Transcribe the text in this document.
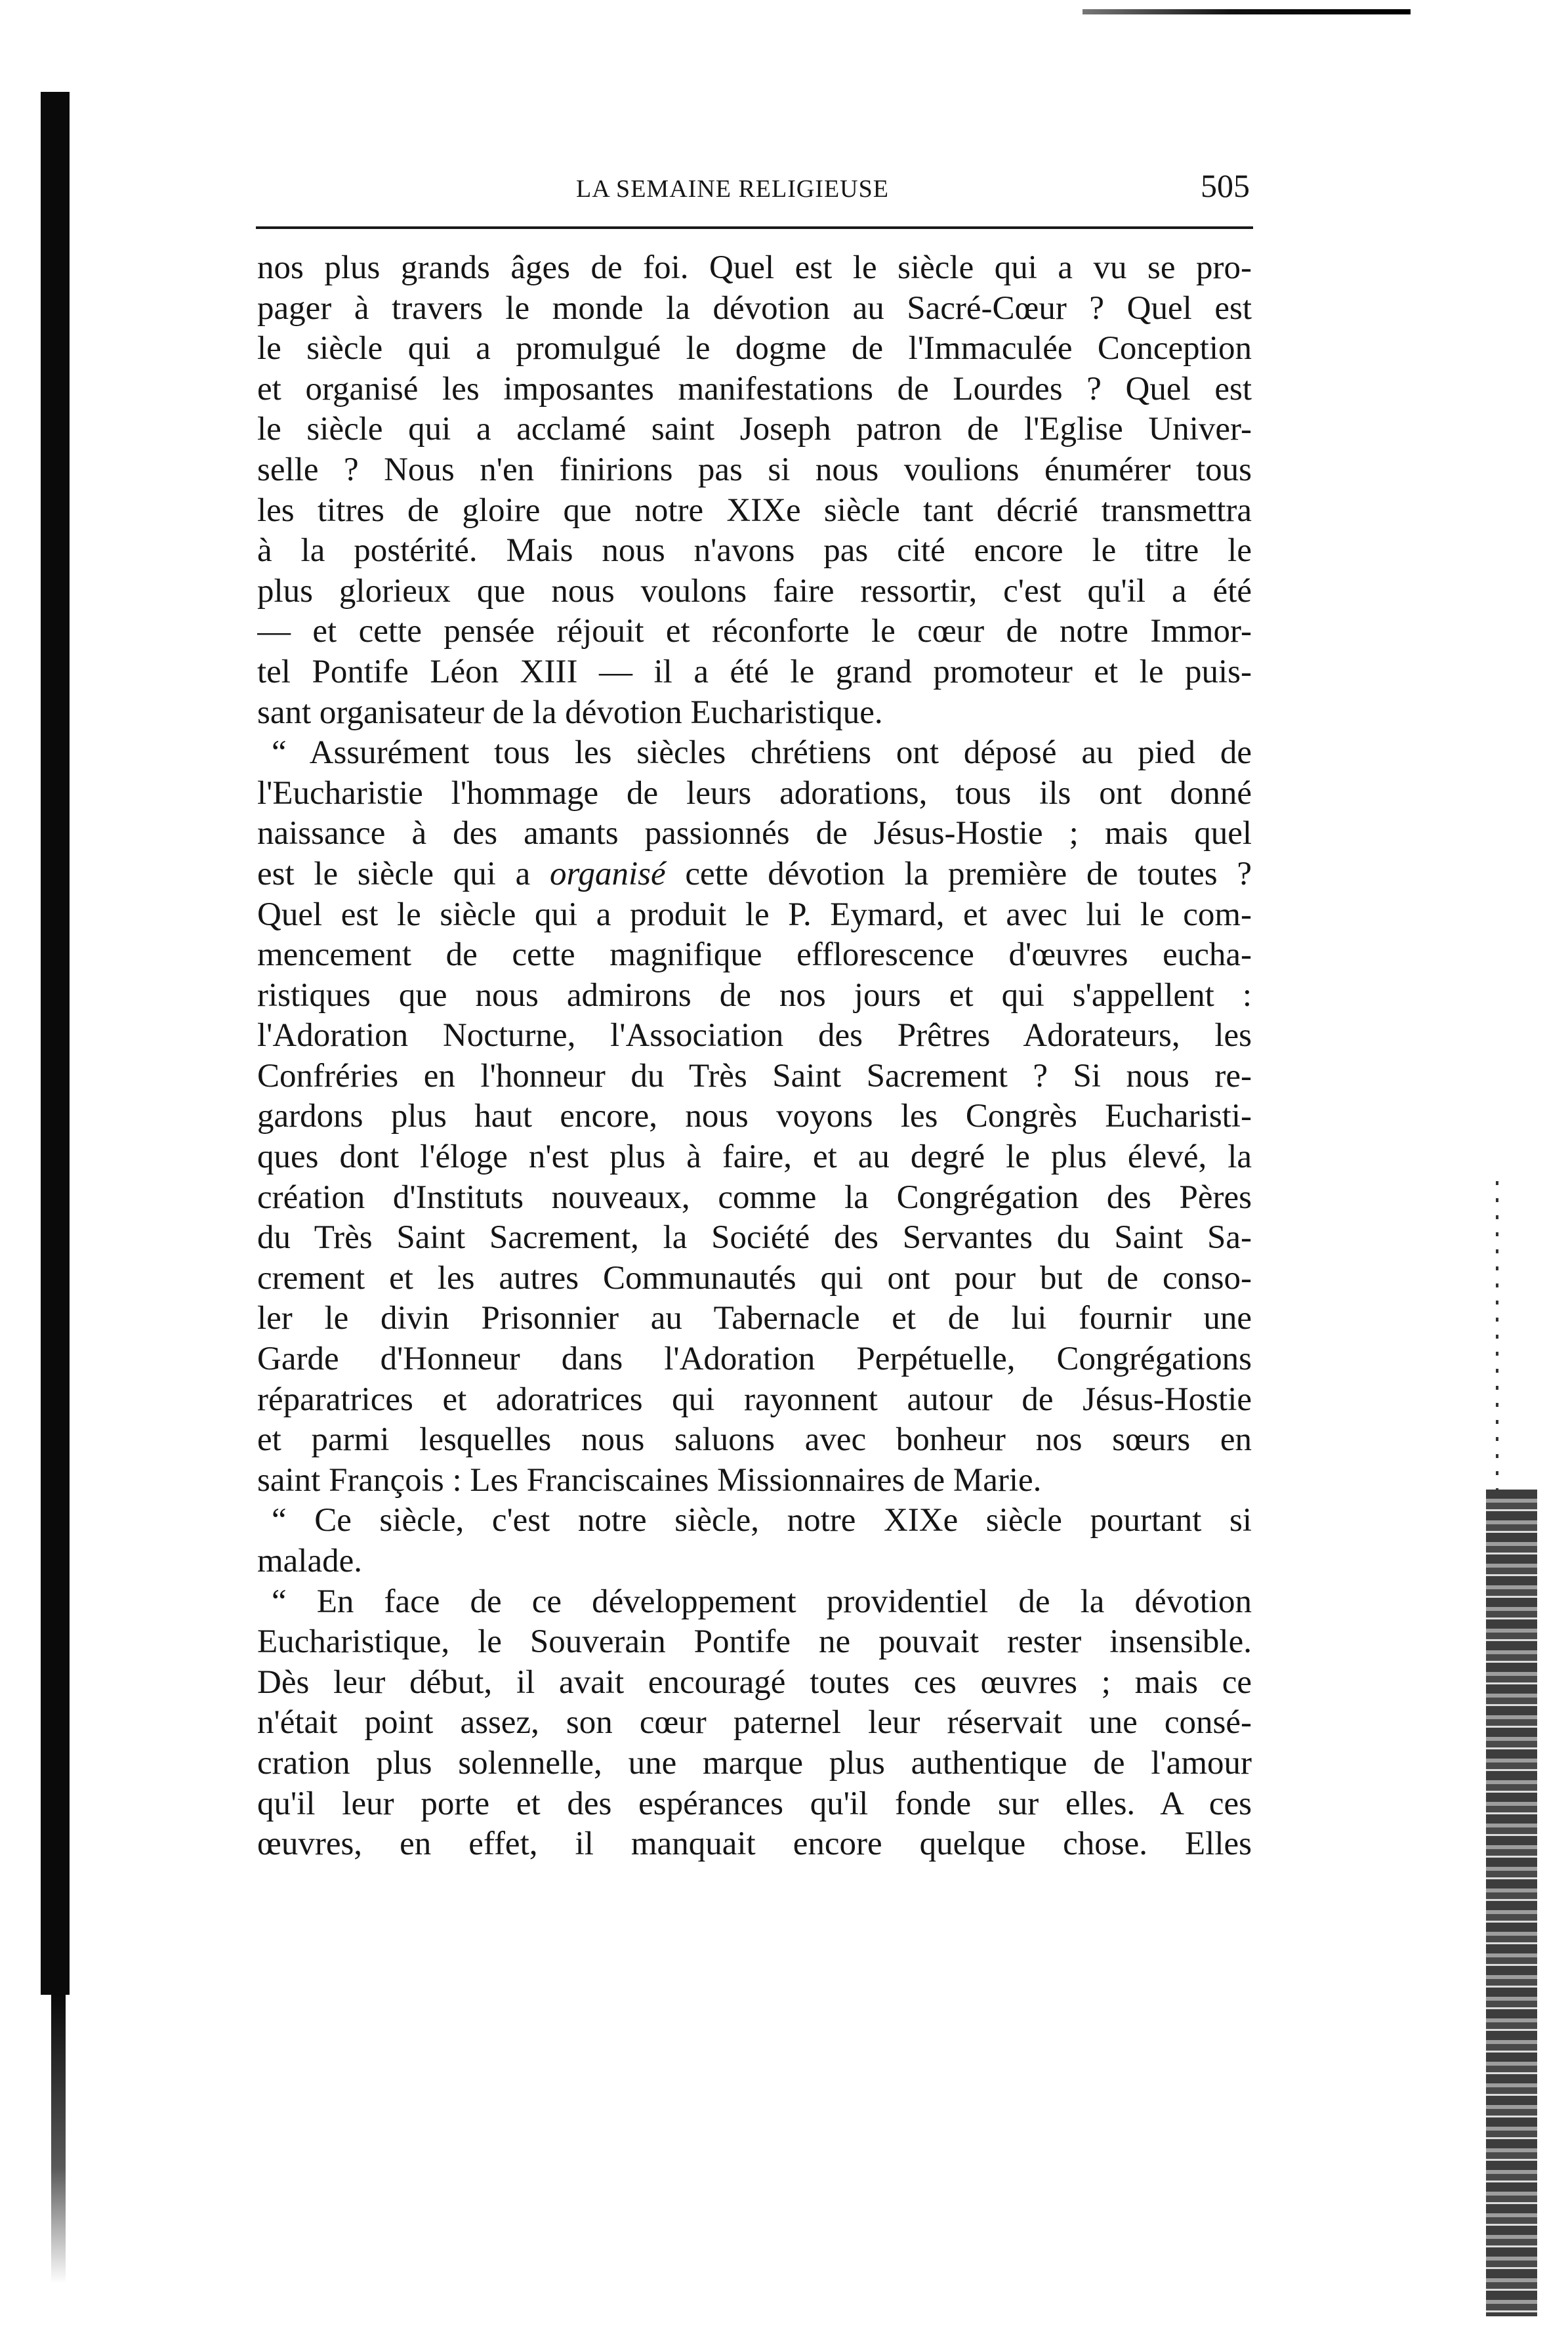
LA SEMAINE RELIGIEUSE	505
nos plus grands âges de foi. Quel est le siècle qui a vu se pro-
pager à travers le monde la dévotion au Sacré-Cœur ? Quel est
le siècle qui a promulgué le dogme de l'Immaculée Conception
et organisé les imposantes manifestations de Lourdes ? Quel est
le siècle qui a acclamé saint Joseph patron de l'Eglise Univer-
selle ? Nous n'en finirions pas si nous voulions énumérer tous
les titres de gloire que notre XIXe siècle tant décrié transmettra
à la postérité. Mais nous n'avons pas cité encore le titre le
plus glorieux que nous voulons faire ressortir, c'est qu'il a été
— et cette pensée réjouit et réconforte le cœur de notre Immor-
tel Pontife Léon XIII — il a été le grand promoteur et le puis-
sant organisateur de la dévotion Eucharistique.
“ Assurément tous les siècles chrétiens ont déposé au pied de
l'Eucharistie l'hommage de leurs adorations, tous ils ont donné
naissance à des amants passionnés de Jésus-Hostie ; mais quel
est le siècle qui a organisé cette dévotion la première de toutes ?
Quel est le siècle qui a produit le P. Eymard, et avec lui le com-
mencement de cette magnifique efflorescence d'œuvres eucha-
ristiques que nous admirons de nos jours et qui s'appellent :
l'Adoration Nocturne, l'Association des Prêtres Adorateurs, les
Confréries en l'honneur du Très Saint Sacrement ? Si nous re-
gardons plus haut encore, nous voyons les Congrès Eucharisti-
ques dont l'éloge n'est plus à faire, et au degré le plus élevé, la
création d'Instituts nouveaux, comme la Congrégation des Pères
du Très Saint Sacrement, la Société des Servantes du Saint Sa-
crement et les autres Communautés qui ont pour but de conso-
ler le divin Prisonnier au Tabernacle et de lui fournir une
Garde d'Honneur dans l'Adoration Perpétuelle, Congrégations
réparatrices et adoratrices qui rayonnent autour de Jésus-Hostie
et parmi lesquelles nous saluons avec bonheur nos sœurs en
saint François : Les Franciscaines Missionnaires de Marie.
“ Ce siècle, c'est notre siècle, notre XIXe siècle pourtant si
malade.
“ En face de ce développement providentiel de la dévotion
Eucharistique, le Souverain Pontife ne pouvait rester insensible.
Dès leur début, il avait encouragé toutes ces œuvres ; mais ce
n'était point assez, son cœur paternel leur réservait une consé-
cration plus solennelle, une marque plus authentique de l'amour
qu'il leur porte et des espérances qu'il fonde sur elles. A ces
œuvres, en effet, il manquait encore quelque chose. Elles
